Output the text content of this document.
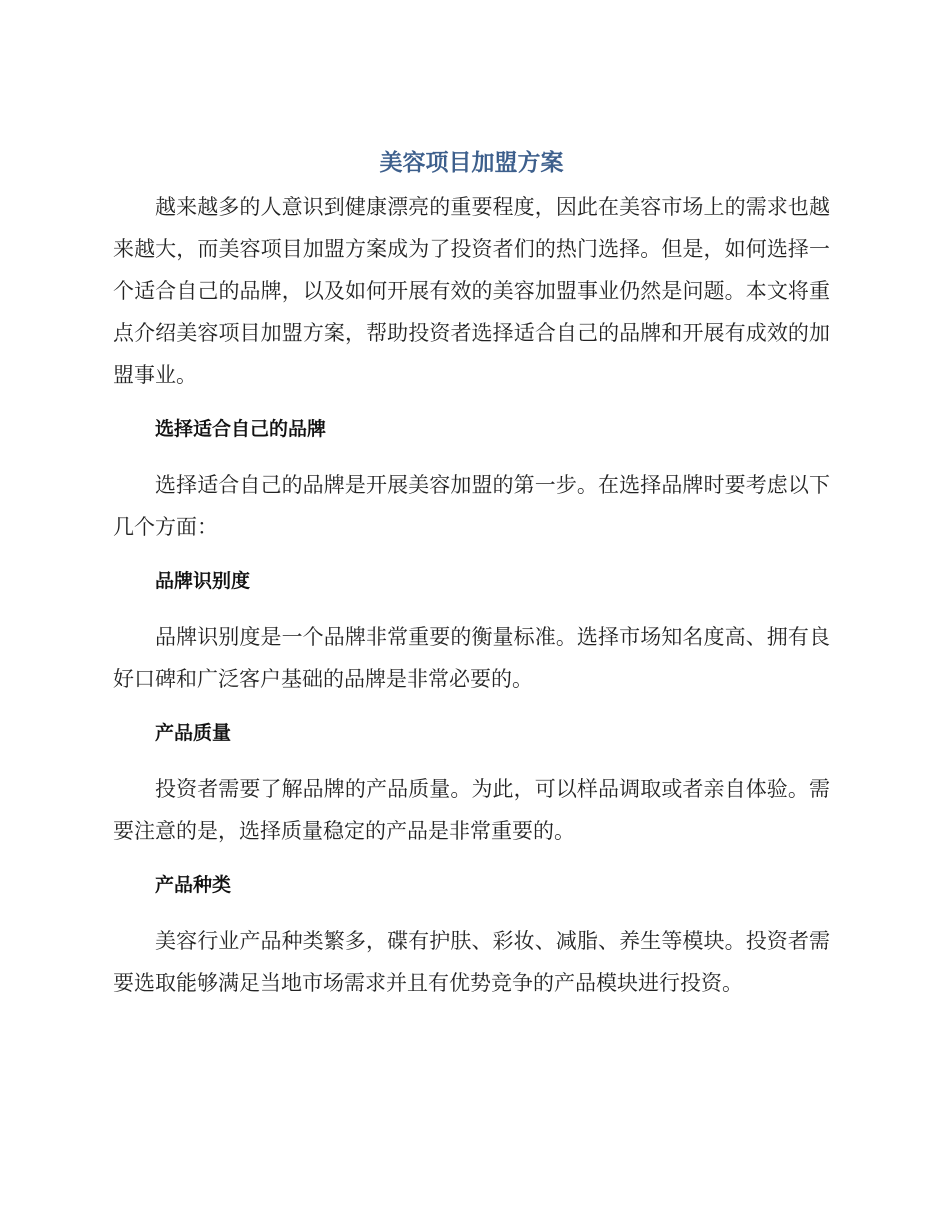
美容项目加盟方案

越来越多的人意识到健康漂亮的重要程度，因此在美容市场上的需求也越来越大，而美容项目加盟方案成为了投资者们的热门选择。但是，如何选择一个适合自己的品牌，以及如何开展有效的美容加盟事业仍然是问题。本文将重点介绍美容项目加盟方案，帮助投资者选择适合自己的品牌和开展有成效的加盟事业。

选择适合自己的品牌

选择适合自己的品牌是开展美容加盟的第一步。在选择品牌时要考虑以下几个方面：

品牌识别度

品牌识别度是一个品牌非常重要的衡量标准。选择市场知名度高、拥有良好口碑和广泛客户基础的品牌是非常必要的。

产品质量

投资者需要了解品牌的产品质量。为此，可以样品调取或者亲自体验。需要注意的是，选择质量稳定的产品是非常重要的。

产品种类

美容行业产品种类繁多，碟有护肤、彩妆、减脂、养生等模块。投资者需要选取能够满足当地市场需求并且有优势竞争的产品模块进行投资。
